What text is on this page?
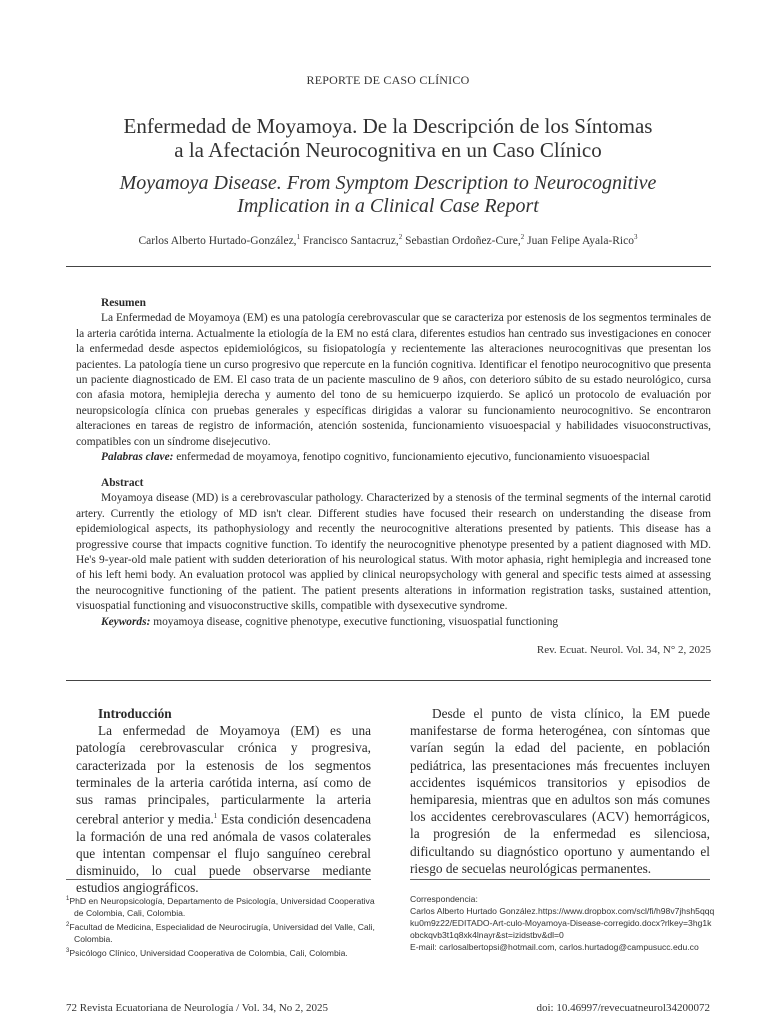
REPORTE DE CASO CLÍNICO
Enfermedad de Moyamoya. De la Descripción de los Síntomas
a la Afectación Neurocognitiva en un Caso Clínico
Moyamoya Disease. From Symptom Description to Neurocognitive
Implication in a Clinical Case Report
Carlos Alberto Hurtado-González,$^1$ Francisco Santacruz,$^2$ Sebastian Ordoñez-Cure,$^2$ Juan Felipe Ayala-Rico$^3$
Resumen

La Enfermedad de Moyamoya (EM) es una patología cerebrovascular que se caracteriza por estenosis de los segmentos terminales de la arteria carótida interna. Actualmente la etiología de la EM no está clara, diferentes estudios han centrado sus investigaciones en conocer la enfermedad desde aspectos epidemiológicos, su fisiopatología y recientemente las alteraciones neurocognitivas que presentan los pacientes. La patología tiene un curso progresivo que repercute en la función cognitiva. Identificar el fenotipo neurocognitivo que presenta un paciente diagnosticado de EM. El caso trata de un paciente masculino de 9 años, con deterioro súbito de su estado neurológico, cursa con afasia motora, hemiplejia derecha y aumento del tono de su hemicuerpo izquierdo. Se aplicó un protocolo de evaluación por neuropsicología clínica con pruebas generales y específicas dirigidas a valorar su funcionamiento neurocognitivo. Se encontraron alteraciones en tareas de registro de información, atención sostenida, funcionamiento visuoespacial y habilidades visuoconstructivas, compatibles con un síndrome disejecutivo.

Palabras clave: enfermedad de moyamoya, fenotipo cognitivo, funcionamiento ejecutivo, funcionamiento visuoespacial

Abstract

Moyamoya disease (MD) is a cerebrovascular pathology. Characterized by a stenosis of the terminal segments of the internal carotid artery. Currently the etiology of MD isn't clear. Different studies have focused their research on understanding the disease from epidemiological aspects, its pathophysiology and recently the neurocognitive alterations presented by patients. This disease has a progressive course that impacts cognitive function. To identify the neurocognitive phenotype presented by a patient diagnosed with MD. He's 9-year-old male patient with sudden deterioration of his neurological status. With motor aphasia, right hemiplegia and increased tone of his left hemi body. An evaluation protocol was applied by clinical neuropsychology with general and specific tests aimed at assessing the neurocognitive functioning of the patient. The patient presents alterations in information registration tasks, sustained attention, visuospatial functioning and visuoconstructive skills, compatible with dysexecutive syndrome.

Keywords: moyamoya disease, cognitive phenotype, executive functioning, visuospatial functioning

Rev. Ecuat. Neurol. Vol. 34, N° 2, 2025
Introducción

La enfermedad de Moyamoya (EM) es una patología cerebrovascular crónica y progresiva, caracterizada por la estenosis de los segmentos terminales de la arteria carótida interna, así como de sus ramas principales, particularmente la arteria cerebral anterior y media.$^1$ Esta condición desencadena la formación de una red anómala de vasos colaterales que intentan compensar el flujo sanguíneo cerebral disminuido, lo cual puede observarse mediante estudios angiográficos.

Desde el punto de vista clínico, la EM puede manifestarse de forma heterogénea, con síntomas que varían según la edad del paciente, en población pediátrica, las presentaciones más frecuentes incluyen accidentes isquémicos transitorios y episodios de hemiparesia, mientras que en adultos son más comunes los accidentes cerebrovasculares (ACV) hemorrágicos, la progresión de la enfermedad es silenciosa, dificultando su diagnóstico oportuno y aumentando el riesgo de secuelas neurológicas permanentes.

$^1$PhD en Neuropsicología, Departamento de Psicología, Universidad Cooperativa de Colombia, Cali, Colombia.

$^2$Facultad de Medicina, Especialidad de Neurocirugía, Universidad del Valle, Cali, Colombia.

$^3$Psicólogo Clínico, Universidad Cooperativa de Colombia, Cali, Colombia.

Correspondencia:
Carlos Alberto Hurtado González.https://www.dropbox.com/scl/fi/h98v7jhsh5qqqku0m9z22/EDITADO-Art-culo-Moyamoya-Disease-corregido.docx?rlkey=3hg1kobckqvb3t1q8xk4lnayr&st=izidstbv&dl=0
E-mail: carlosalbertopsi@hotmail.com, carlos.hurtadog@campusucc.edu.co
72 Revista Ecuatoriana de Neurología / Vol. 34, No 2, 2025	doi: 10.46997/revecuatneurol34200072
